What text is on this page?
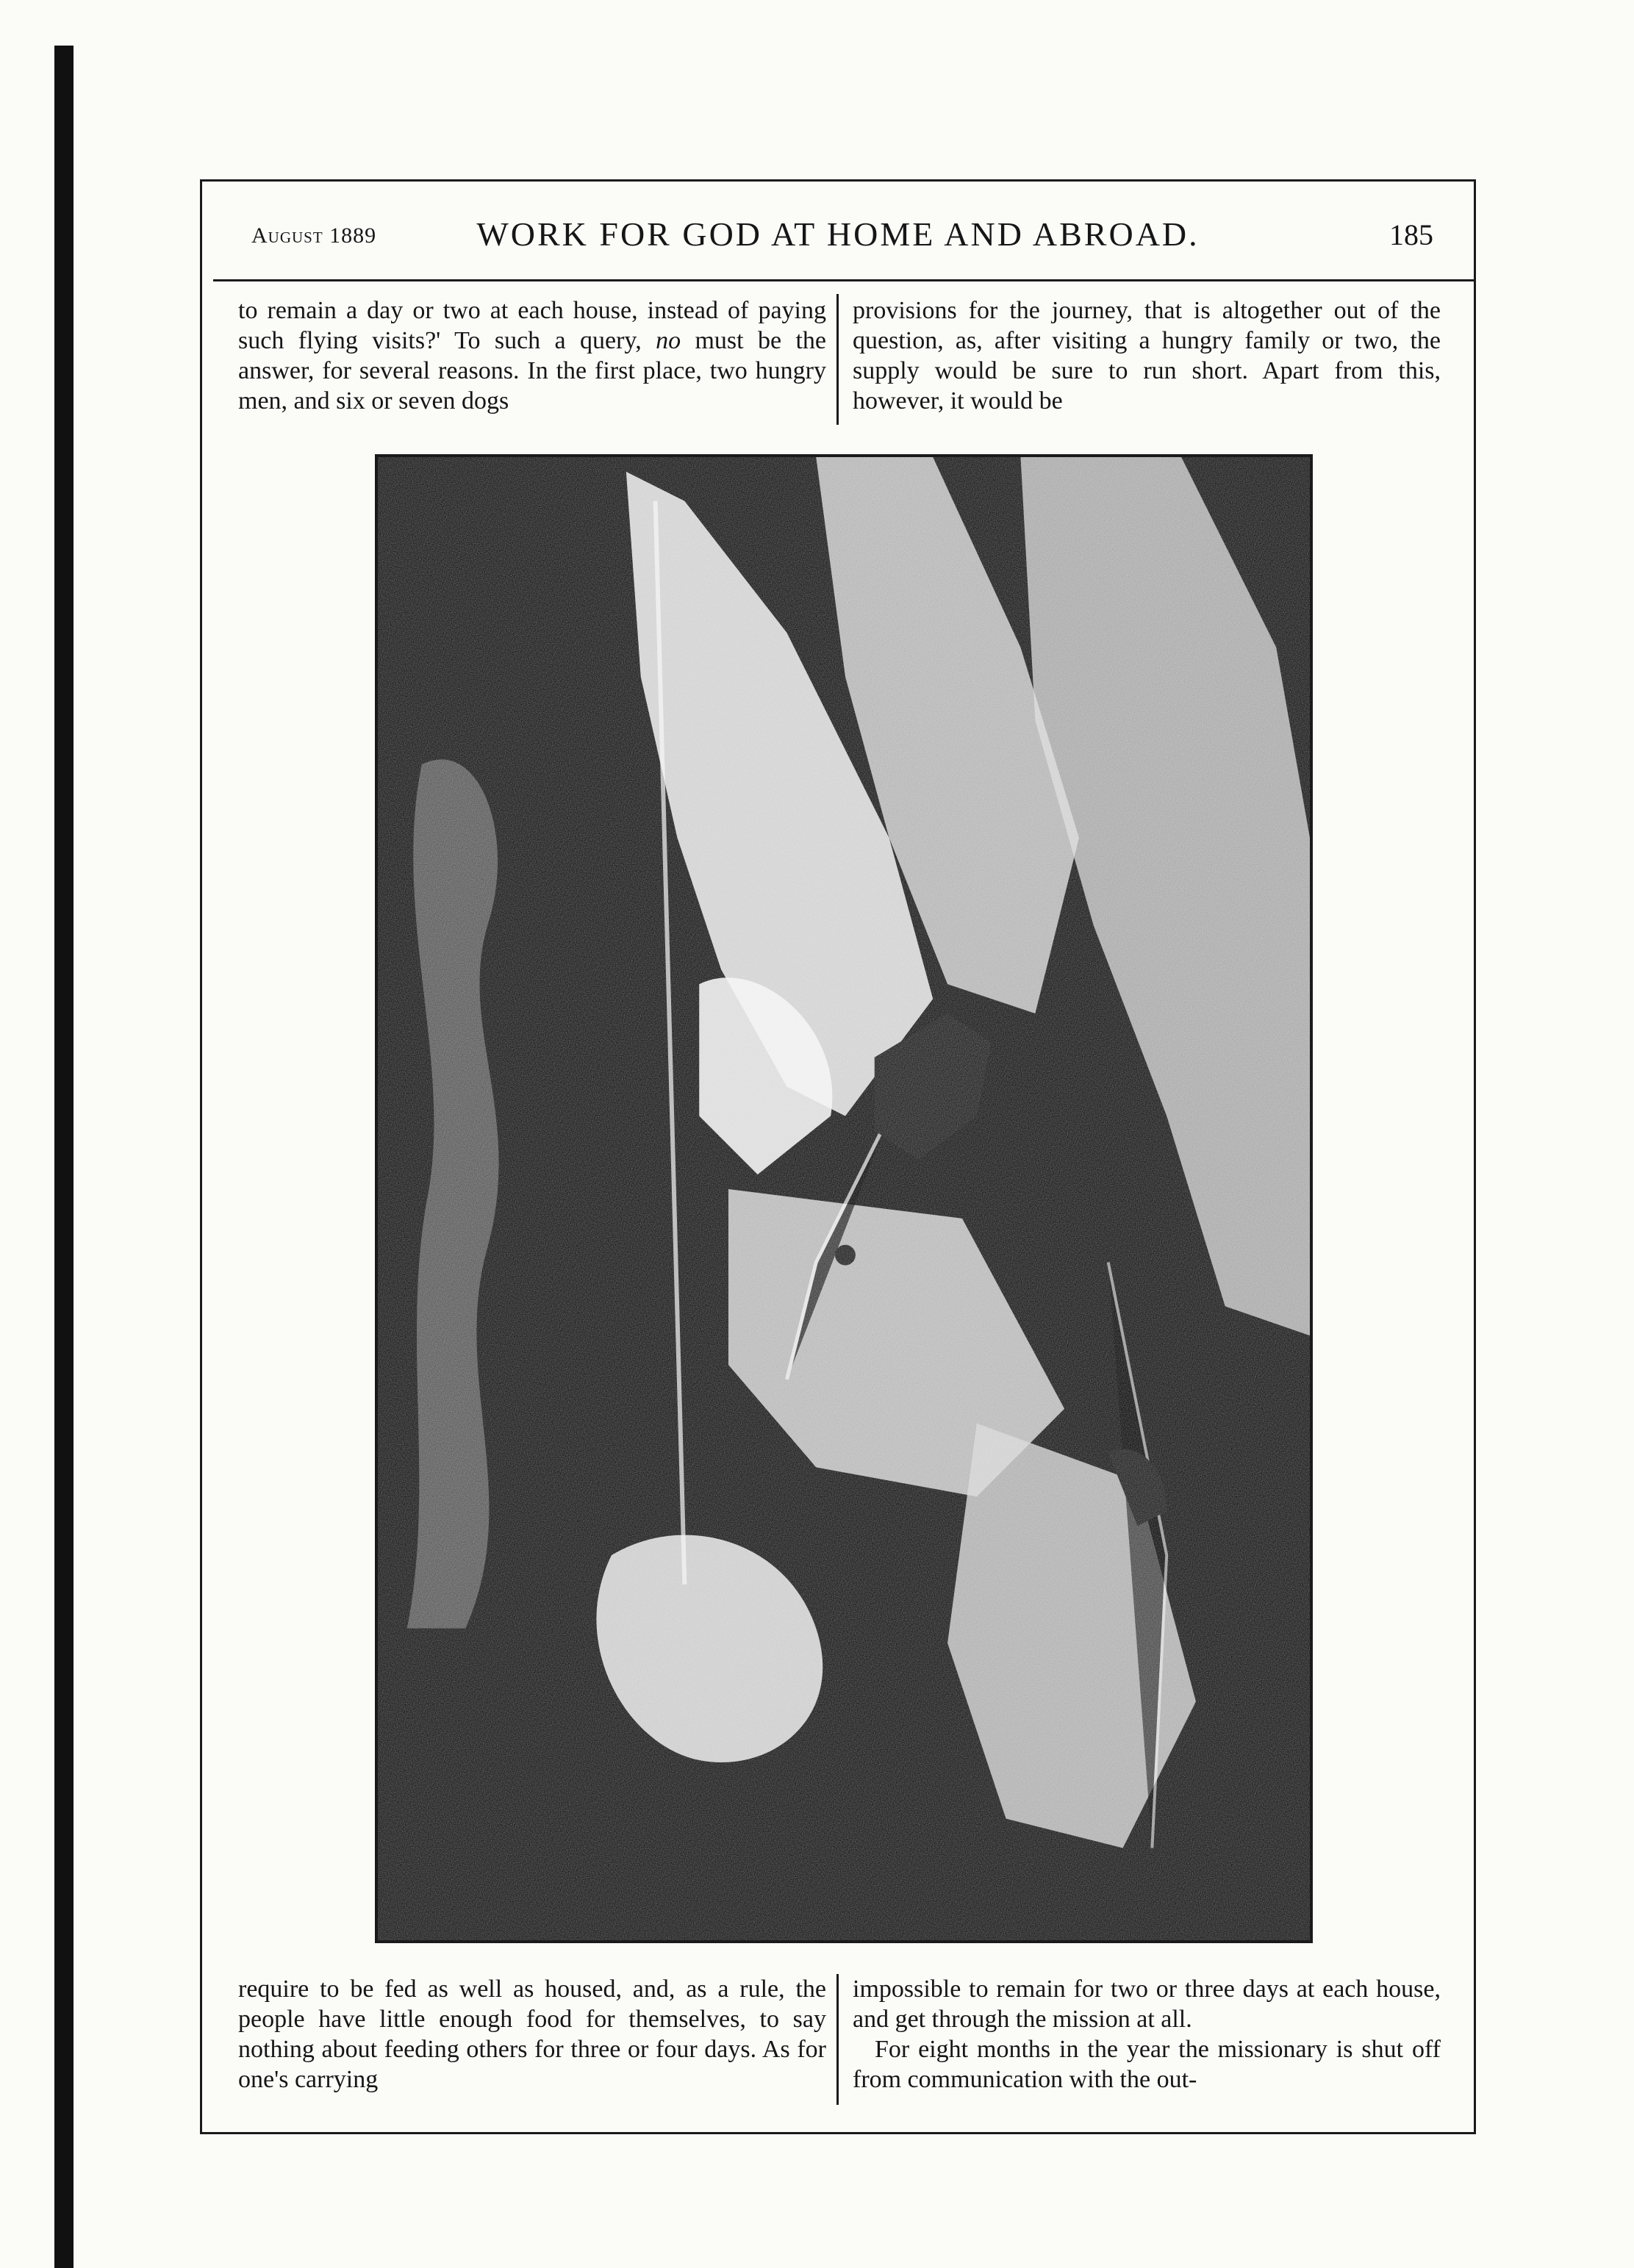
August 1889	WORK FOR GOD AT HOME AND ABROAD.	185

to remain a day or two at each house, instead of paying such flying visits?' To such a query, no must be the answer, for several reasons. In the first place, two hungry men, and six or seven dogs

provisions for the journey, that is altogether out of the question, as, after visiting a hungry family or two, the supply would be sure to run short. Apart from this, however, it would be

require to be fed as well as housed, and, as a rule, the people have little enough food for themselves, to say nothing about feeding others for three or four days. As for one's carrying

impossible to remain for two or three days at each house, and get through the mission at all.

For eight months in the year the missionary is shut off from communication with the out-
